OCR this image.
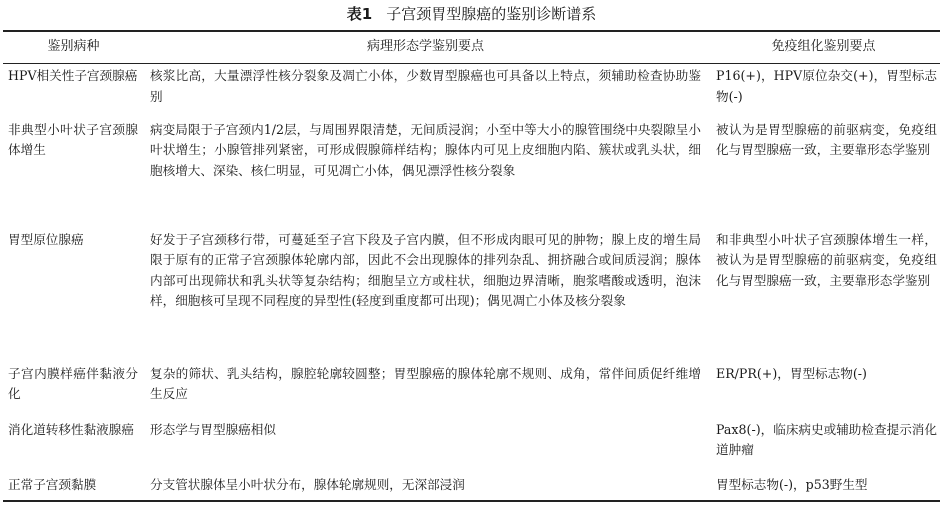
表1 子宫颈胃型腺癌的鉴别诊断谱系
鉴别病种	病理形态学鉴别要点	免疫组化鉴别要点
HPV相关性子宫颈腺癌	核浆比高，大量漂浮性核分裂象及凋亡小体，少数胃型腺癌也可具备以上特点，须辅助检查协助鉴别	P16(+)，HPV原位杂交(+)，胃型标志物(-)
非典型小叶状子宫颈腺体增生	病变局限于子宫颈内1/2层，与周围界限清楚，无间质浸润；小至中等大小的腺管围绕中央裂隙呈小叶状增生；小腺管排列紧密，可形成假腺筛样结构；腺体内可见上皮细胞内陷、簇状或乳头状，细胞核增大、深染、核仁明显，可见凋亡小体，偶见漂浮性核分裂象	被认为是胃型腺癌的前驱病变，免疫组化与胃型腺癌一致，主要靠形态学鉴别
胃型原位腺癌	好发于子宫颈移行带，可蔓延至子宫下段及子宫内膜，但不形成肉眼可见的肿物；腺上皮的增生局限于原有的正常子宫颈腺体轮廓内部，因此不会出现腺体的排列杂乱、拥挤融合或间质浸润；腺体内部可出现筛状和乳头状等复杂结构；细胞呈立方或柱状，细胞边界清晰，胞浆嗜酸或透明，泡沫样，细胞核可呈现不同程度的异型性(轻度到重度都可出现)；偶见凋亡小体及核分裂象	和非典型小叶状子宫颈腺体增生一样，被认为是胃型腺癌的前驱病变，免疫组化与胃型腺癌一致，主要靠形态学鉴别
子宫内膜样癌伴黏液分化	复杂的筛状、乳头结构，腺腔轮廓较圆整；胃型腺癌的腺体轮廓不规则、成角，常伴间质促纤维增生反应	ER/PR(+)，胃型标志物(-)
消化道转移性黏液腺癌	形态学与胃型腺癌相似	Pax8(-)，临床病史或辅助检查提示消化道肿瘤
正常子宫颈黏膜	分支管状腺体呈小叶状分布，腺体轮廓规则，无深部浸润	胃型标志物(-)，p53野生型
